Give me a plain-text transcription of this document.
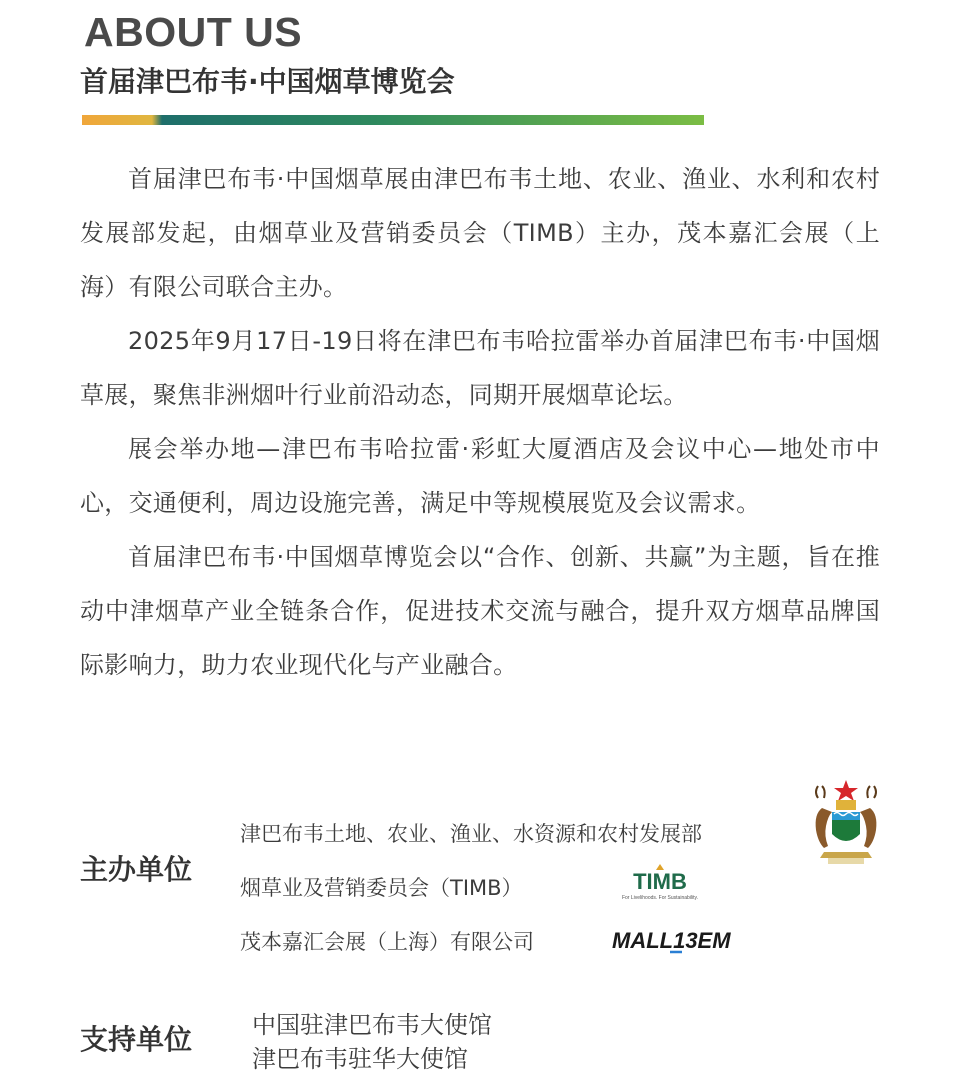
ABOUT US
首届津巴布韦·中国烟草博览会

首届津巴布韦·中国烟草展由津巴布韦土地、农业、渔业、水利和农村发展部发起，由烟草业及营销委员会（TIMB）主办，茂本嘉汇会展（上海）有限公司联合主办。

2025年9月17日-19日将在津巴布韦哈拉雷举办首届津巴布韦·中国烟草展，聚焦非洲烟叶行业前沿动态，同期开展烟草论坛。

展会举办地—津巴布韦哈拉雷·彩虹大厦酒店及会议中心—地处市中心，交通便利，周边设施完善，满足中等规模展览及会议需求。

首届津巴布韦·中国烟草博览会以“合作、创新、共赢”为主题，旨在推动中津烟草产业全链条合作，促进技术交流与融合，提升双方烟草品牌国际影响力，助力农业现代化与产业融合。

主办单位

津巴布韦土地、农业、渔业、水资源和农村发展部

烟草业及营销委员会（TIMB）

茂本嘉汇会展（上海）有限公司

TIMB
For Livelihoods. For Sustainability.
MALL13EM

支持单位 中国驻津巴布韦大使馆

津巴布韦驻华大使馆
